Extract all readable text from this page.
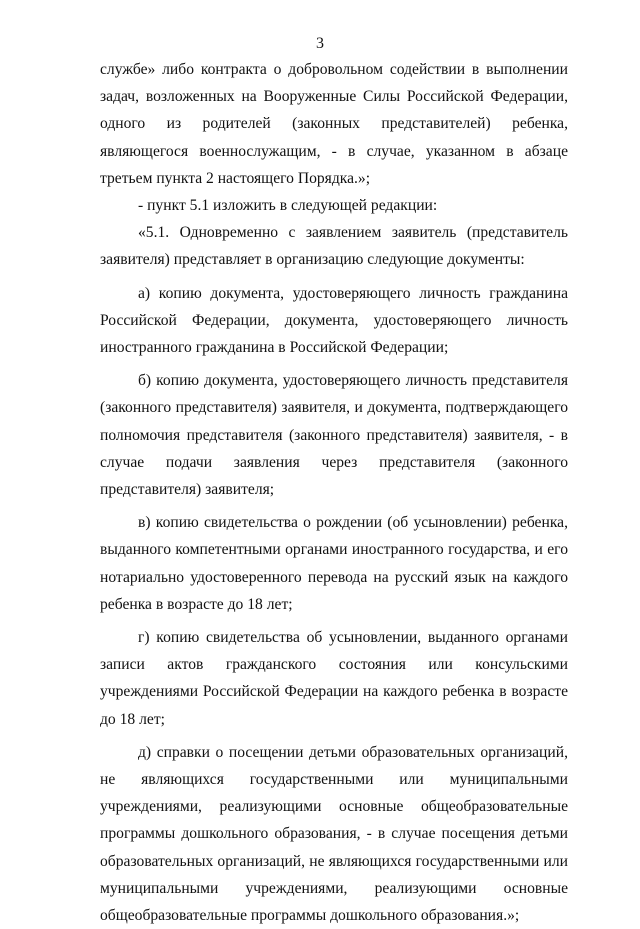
3

службе» либо контракта о добровольном содействии в выполнении задач, возложенных на Вооруженные Силы Российской Федерации, одного из родителей (законных представителей) ребенка, являющегося военнослужащим, - в случае, указанном в абзаце третьем пункта 2 настоящего Порядка.»;

- пункт 5.1 изложить в следующей редакции:

«5.1. Одновременно с заявлением заявитель (представитель заявителя) представляет в организацию следующие документы:

а) копию документа, удостоверяющего личность гражданина Российской Федерации, документа, удостоверяющего личность иностранного гражданина в Российской Федерации;

б) копию документа, удостоверяющего личность представителя (законного представителя) заявителя, и документа, подтверждающего полномочия представителя (законного представителя) заявителя, - в случае подачи заявления через представителя (законного представителя) заявителя;

в) копию свидетельства о рождении (об усыновлении) ребенка, выданного компетентными органами иностранного государства, и его нотариально удостоверенного перевода на русский язык на каждого ребенка в возрасте до 18 лет;

г) копию свидетельства об усыновлении, выданного органами записи актов гражданского состояния или консульскими учреждениями Российской Федерации на каждого ребенка в возрасте до 18 лет;

д) справки о посещении детьми образовательных организаций, не являющихся государственными или муниципальными учреждениями, реализующими основные общеобразовательные программы дошкольного образования, - в случае посещения детьми образовательных организаций, не являющихся государственными или муниципальными учреждениями, реализующими основные общеобразовательные программы дошкольного образования.»;
